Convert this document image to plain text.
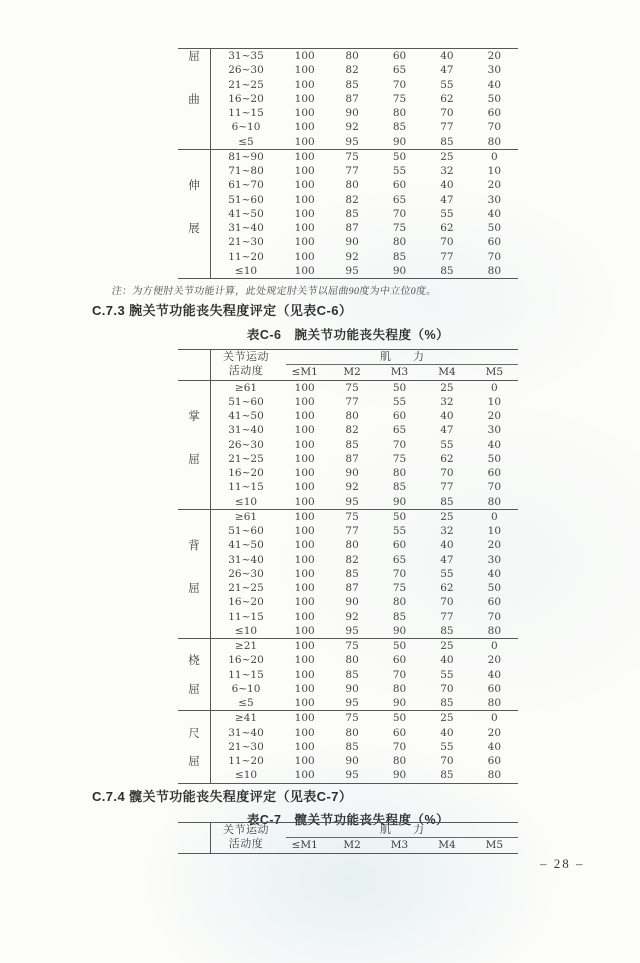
屈
曲
31~35	100	80	60	40	20
26~30	100	82	65	47	30
21~25	100	85	70	55	40
16~20	100	87	75	62	50
11~15	100	90	80	70	60
6~10	100	92	85	77	70
≤5	100	95	90	85	80
伸
展
81~90	100	75	50	25	0
71~80	100	77	55	32	10
61~70	100	80	60	40	20
51~60	100	82	65	47	30
41~50	100	85	70	55	40
31~40	100	87	75	62	50
21~30	100	90	80	70	60
11~20	100	92	85	77	70
≤10	100	95	90	85	80
注：为方便肘关节功能计算，此处规定肘关节以屈曲90度为中立位0度。
C.7.3 腕关节功能丧失程度评定（见表C-6）
表C-6　腕关节功能丧失程度（%）
关节运动
活动度
肌　　力
≤M1	M2	M3	M4	M5
掌
屈
≥61	100	75	50	25	0
51~60	100	77	55	32	10
41~50	100	80	60	40	20
31~40	100	82	65	47	30
26~30	100	85	70	55	40
21~25	100	87	75	62	50
16~20	100	90	80	70	60
11~15	100	92	85	77	70
≤10	100	95	90	85	80
背
屈
≥61	100	75	50	25	0
51~60	100	77	55	32	10
41~50	100	80	60	40	20
31~40	100	82	65	47	30
26~30	100	85	70	55	40
21~25	100	87	75	62	50
16~20	100	90	80	70	60
11~15	100	92	85	77	70
≤10	100	95	90	85	80
桡
屈
≥21	100	75	50	25	0
16~20	100	80	60	40	20
11~15	100	85	70	55	40
6~10	100	90	80	70	60
≤5	100	95	90	85	80
尺
屈
≥41	100	75	50	25	0
31~40	100	80	60	40	20
21~30	100	85	70	55	40
11~20	100	90	80	70	60
≤10	100	95	90	85	80
C.7.4 髋关节功能丧失程度评定（见表C-7）
表C-7　髋关节功能丧失程度（%）
关节运动
活动度
肌　　力
≤M1	M2	M3	M4	M5
– 28 –
